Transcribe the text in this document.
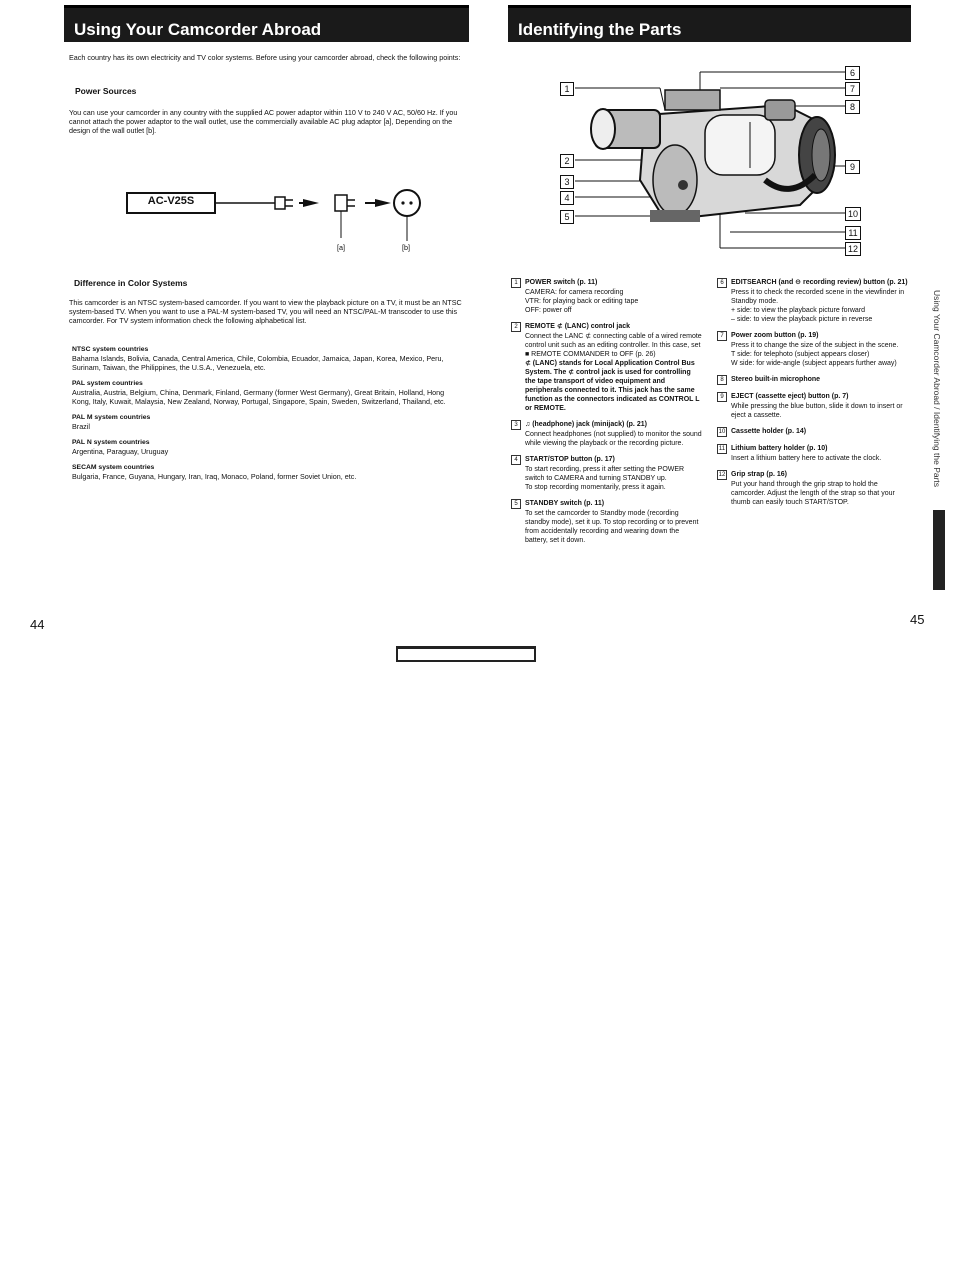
Using Your Camcorder Abroad
Each country has its own electricity and TV color systems. Before using your camcorder abroad, check the following points:
Power Sources
You can use your camcorder in any country with the supplied AC power adaptor within 110 V to 240 V AC, 50/60 Hz. If you cannot attach the power adaptor to the wall outlet, use the commercially available AC plug adaptor [a], Depending on the design of the wall outlet [b].
AC-V25S
[a]	[b]
Difference in Color Systems
This camcorder is an NTSC system-based camcorder. If you want to view the playback picture on a TV, it must be an NTSC system-based TV. When you want to use a PAL-M system-based TV, you will need an NTSC/PAL-M transcoder to use this camcorder. For TV system information check the following alphabetical list.
NTSC system countries

Bahama Islands, Bolivia, Canada, Central America, Chile, Colombia, Ecuador, Jamaica, Japan, Korea, Mexico, Peru, Surinam, Taiwan, the Philippines, the U.S.A., Venezuela, etc.

PAL system countries

Australia, Austria, Belgium, China, Denmark, Finland, Germany (former West Germany), Great Britain, Holland, Hong Kong, Italy, Kuwait, Malaysia, New Zealand, Norway, Portugal, Singapore, Spain, Sweden, Switzerland, Thailand, etc.

PAL M system countries

Brazil

PAL N system countries

Argentina, Paraguay, Uruguay

SECAM system countries

Bulgaria, France, Guyana, Hungary, Iran, Iraq, Monaco, Poland, former Soviet Union, etc.

44
Identifying the Parts
1
2
3
4
5
6
7
8
9
10
11
12
1	POWER switch (p. 11)
CAMERA: for camera recording
VTR: for playing back or editing tape
OFF: power off
2	REMOTE ⊄ (LANC) control jack
Connect the LANC ⊄ connecting cable of a wired remote control unit such as an editing controller. In this case, set ■ REMOTE COMMANDER to OFF (p. 26)
⊄ (LANC) stands for Local Application Control Bus System. The ⊄ control jack is used for controlling the tape transport of video equipment and peripherals connected to it. This jack has the same function as the connectors indicated as CONTROL L or REMOTE.
3	♫ (headphone) jack (minijack) (p. 21)
Connect headphones (not supplied) to monitor the sound while viewing the playback or the recording picture.
4	START/STOP button (p. 17)
To start recording, press it after setting the POWER switch to CAMERA and turning STANDBY up.
To stop recording momentarily, press it again.
5	STANDBY switch (p. 11)
To set the camcorder to Standby mode (recording standby mode), set it up. To stop recording or to prevent from accidentally recording and wearing down the battery, set it down.
6	EDITSEARCH (and ⊖ recording review) button (p. 21)
Press it to check the recorded scene in the viewfinder in Standby mode.
+ side: to view the playback picture forward
– side: to view the playback picture in reverse
7	Power zoom button (p. 19)
Press it to change the size of the subject in the scene.
T side: for telephoto (subject appears closer)
W side: for wide-angle (subject appears further away)
8	Stereo built-in microphone
9	EJECT (cassette eject) button (p. 7)
While pressing the blue button, slide it down to insert or eject a cassette.
10 Cassette holder (p. 14)
11 Lithium battery holder (p. 10)
Insert a lithium battery here to activate the clock.
12 Grip strap (p. 16)
Put your hand through the grip strap to hold the camcorder. Adjust the length of the strap so that your thumb can easily touch START/STOP.
Using Your Camcorder Abroad / Identifying the Parts
45
